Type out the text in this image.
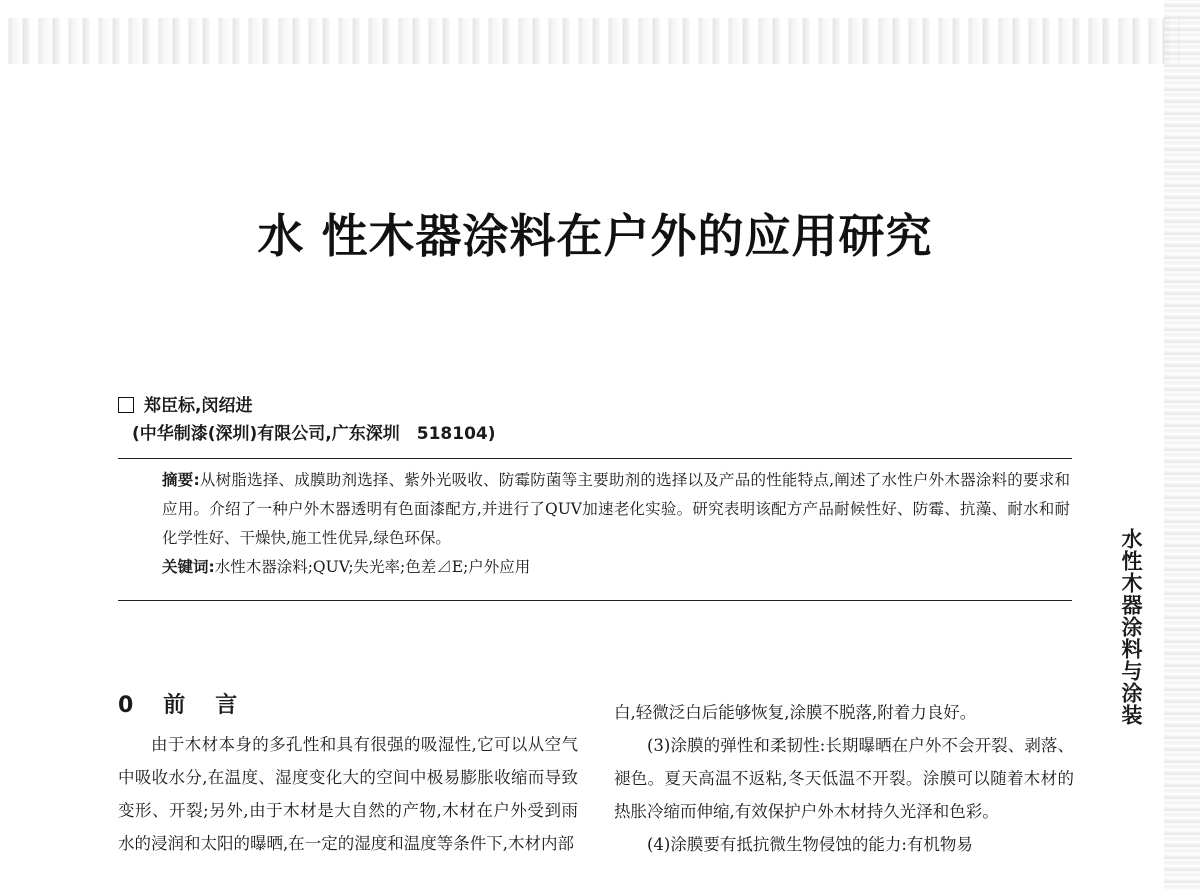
水 性木器涂料在户外的应用研究
郑臣标,闵绍进
(中华制漆(深圳)有限公司,广东深圳　518104)

摘要:从树脂选择、成膜助剂选择、紫外光吸收、防霉防菌等主要助剂的选择以及产品的性能特点,阐述了水性户外木器涂料的要求和应用。介绍了一种户外木器透明有色面漆配方,并进行了QUV加速老化实验。研究表明该配方产品耐候性好、防霉、抗藻、耐水和耐化学性好、干燥快,施工性优异,绿色环保。

关键词:水性木器涂料;QUV;失光率;色差⊿E;户外应用

0　前　言

由于木材本身的多孔性和具有很强的吸湿性,它可以从空气中吸收水分,在温度、湿度变化大的空间中极易膨胀收缩而导致变形、开裂;另外,由于木材是大自然的产物,木材在户外受到雨水的浸润和太阳的曝晒,在一定的湿度和温度等条件下,木材内部

白,轻微泛白后能够恢复,涂膜不脱落,附着力良好。

(3)涂膜的弹性和柔韧性:长期曝晒在户外不会开裂、剥落、褪色。夏天高温不返粘,冬天低温不开裂。涂膜可以随着木材的热胀冷缩而伸缩,有效保护户外木材持久光泽和色彩。

(4)涂膜要有抵抗微生物侵蚀的能力:有机物易

水性木器涂料与涂装
